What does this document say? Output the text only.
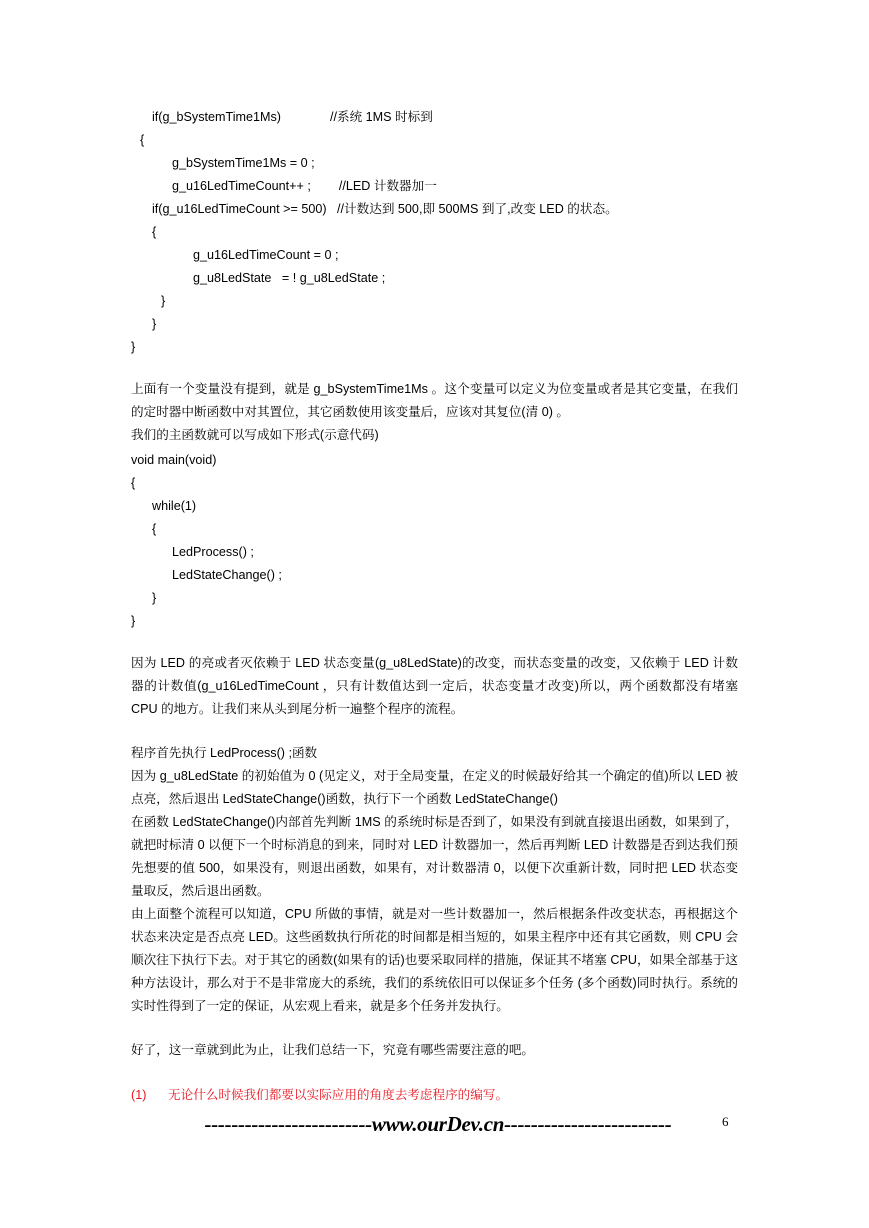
if(g_bSystemTime1Ms)              //系统 1MS 时标到
{
g_bSystemTime1Ms = 0 ;
g_u16LedTimeCount++ ;        //LED 计数器加一
if(g_u16LedTimeCount >= 500)   //计数达到 500,即 500MS 到了,改变 LED 的状态。
{
g_u16LedTimeCount = 0 ;
g_u8LedState   = ! g_u8LedState ;
}
}
}
上面有一个变量没有提到，就是 g_bSystemTime1Ms 。这个变量可以定义为位变量或者是其它变量，在我们的定时器中断函数中对其置位，其它函数使用该变量后，应该对其复位(清 0) 。
我们的主函数就可以写成如下形式(示意代码)
void main(void)
{
while(1)
{
LedProcess() ;
LedStateChange() ;
}
}
因为 LED 的亮或者灭依赖于 LED 状态变量(g_u8LedState)的改变，而状态变量的改变，又依赖于 LED 计数器的计数值(g_u16LedTimeCount ，只有计数值达到一定后，状态变量才改变)所以，两个函数都没有堵塞 CPU 的地方。让我们来从头到尾分析一遍整个程序的流程。
程序首先执行 LedProcess() ;函数
因为 g_u8LedState 的初始值为 0 (见定义，对于全局变量，在定义的时候最好给其一个确定的值)所以 LED 被点亮，然后退出 LedStateChange()函数，执行下一个函数 LedStateChange()
在函数 LedStateChange()内部首先判断 1MS 的系统时标是否到了，如果没有到就直接退出函数，如果到了，就把时标清 0 以便下一个时标消息的到来，同时对 LED 计数器加一，然后再判断 LED 计数器是否到达我们预先想要的值 500，如果没有，则退出函数，如果有，对计数器清 0，以便下次重新计数，同时把 LED 状态变量取反，然后退出函数。
由上面整个流程可以知道，CPU 所做的事情，就是对一些计数器加一，然后根据条件改变状态，再根据这个状态来决定是否点亮 LED。这些函数执行所花的时间都是相当短的，如果主程序中还有其它函数，则 CPU 会顺次往下执行下去。对于其它的函数(如果有的话)也要采取同样的措施，保证其不堵塞 CPU，如果全部基于这种方法设计，那么对于不是非常庞大的系统，我们的系统依旧可以保证多个任务 (多个函数)同时执行。系统的实时性得到了一定的保证，从宏观上看来，就是多个任务并发执行。
好了，这一章就到此为止，让我们总结一下，究竟有哪些需要注意的吧。
(1) 无论什么时候我们都要以实际应用的角度去考虑程序的编写。
-------------------------www.ourDev.cn-------------------------	6
